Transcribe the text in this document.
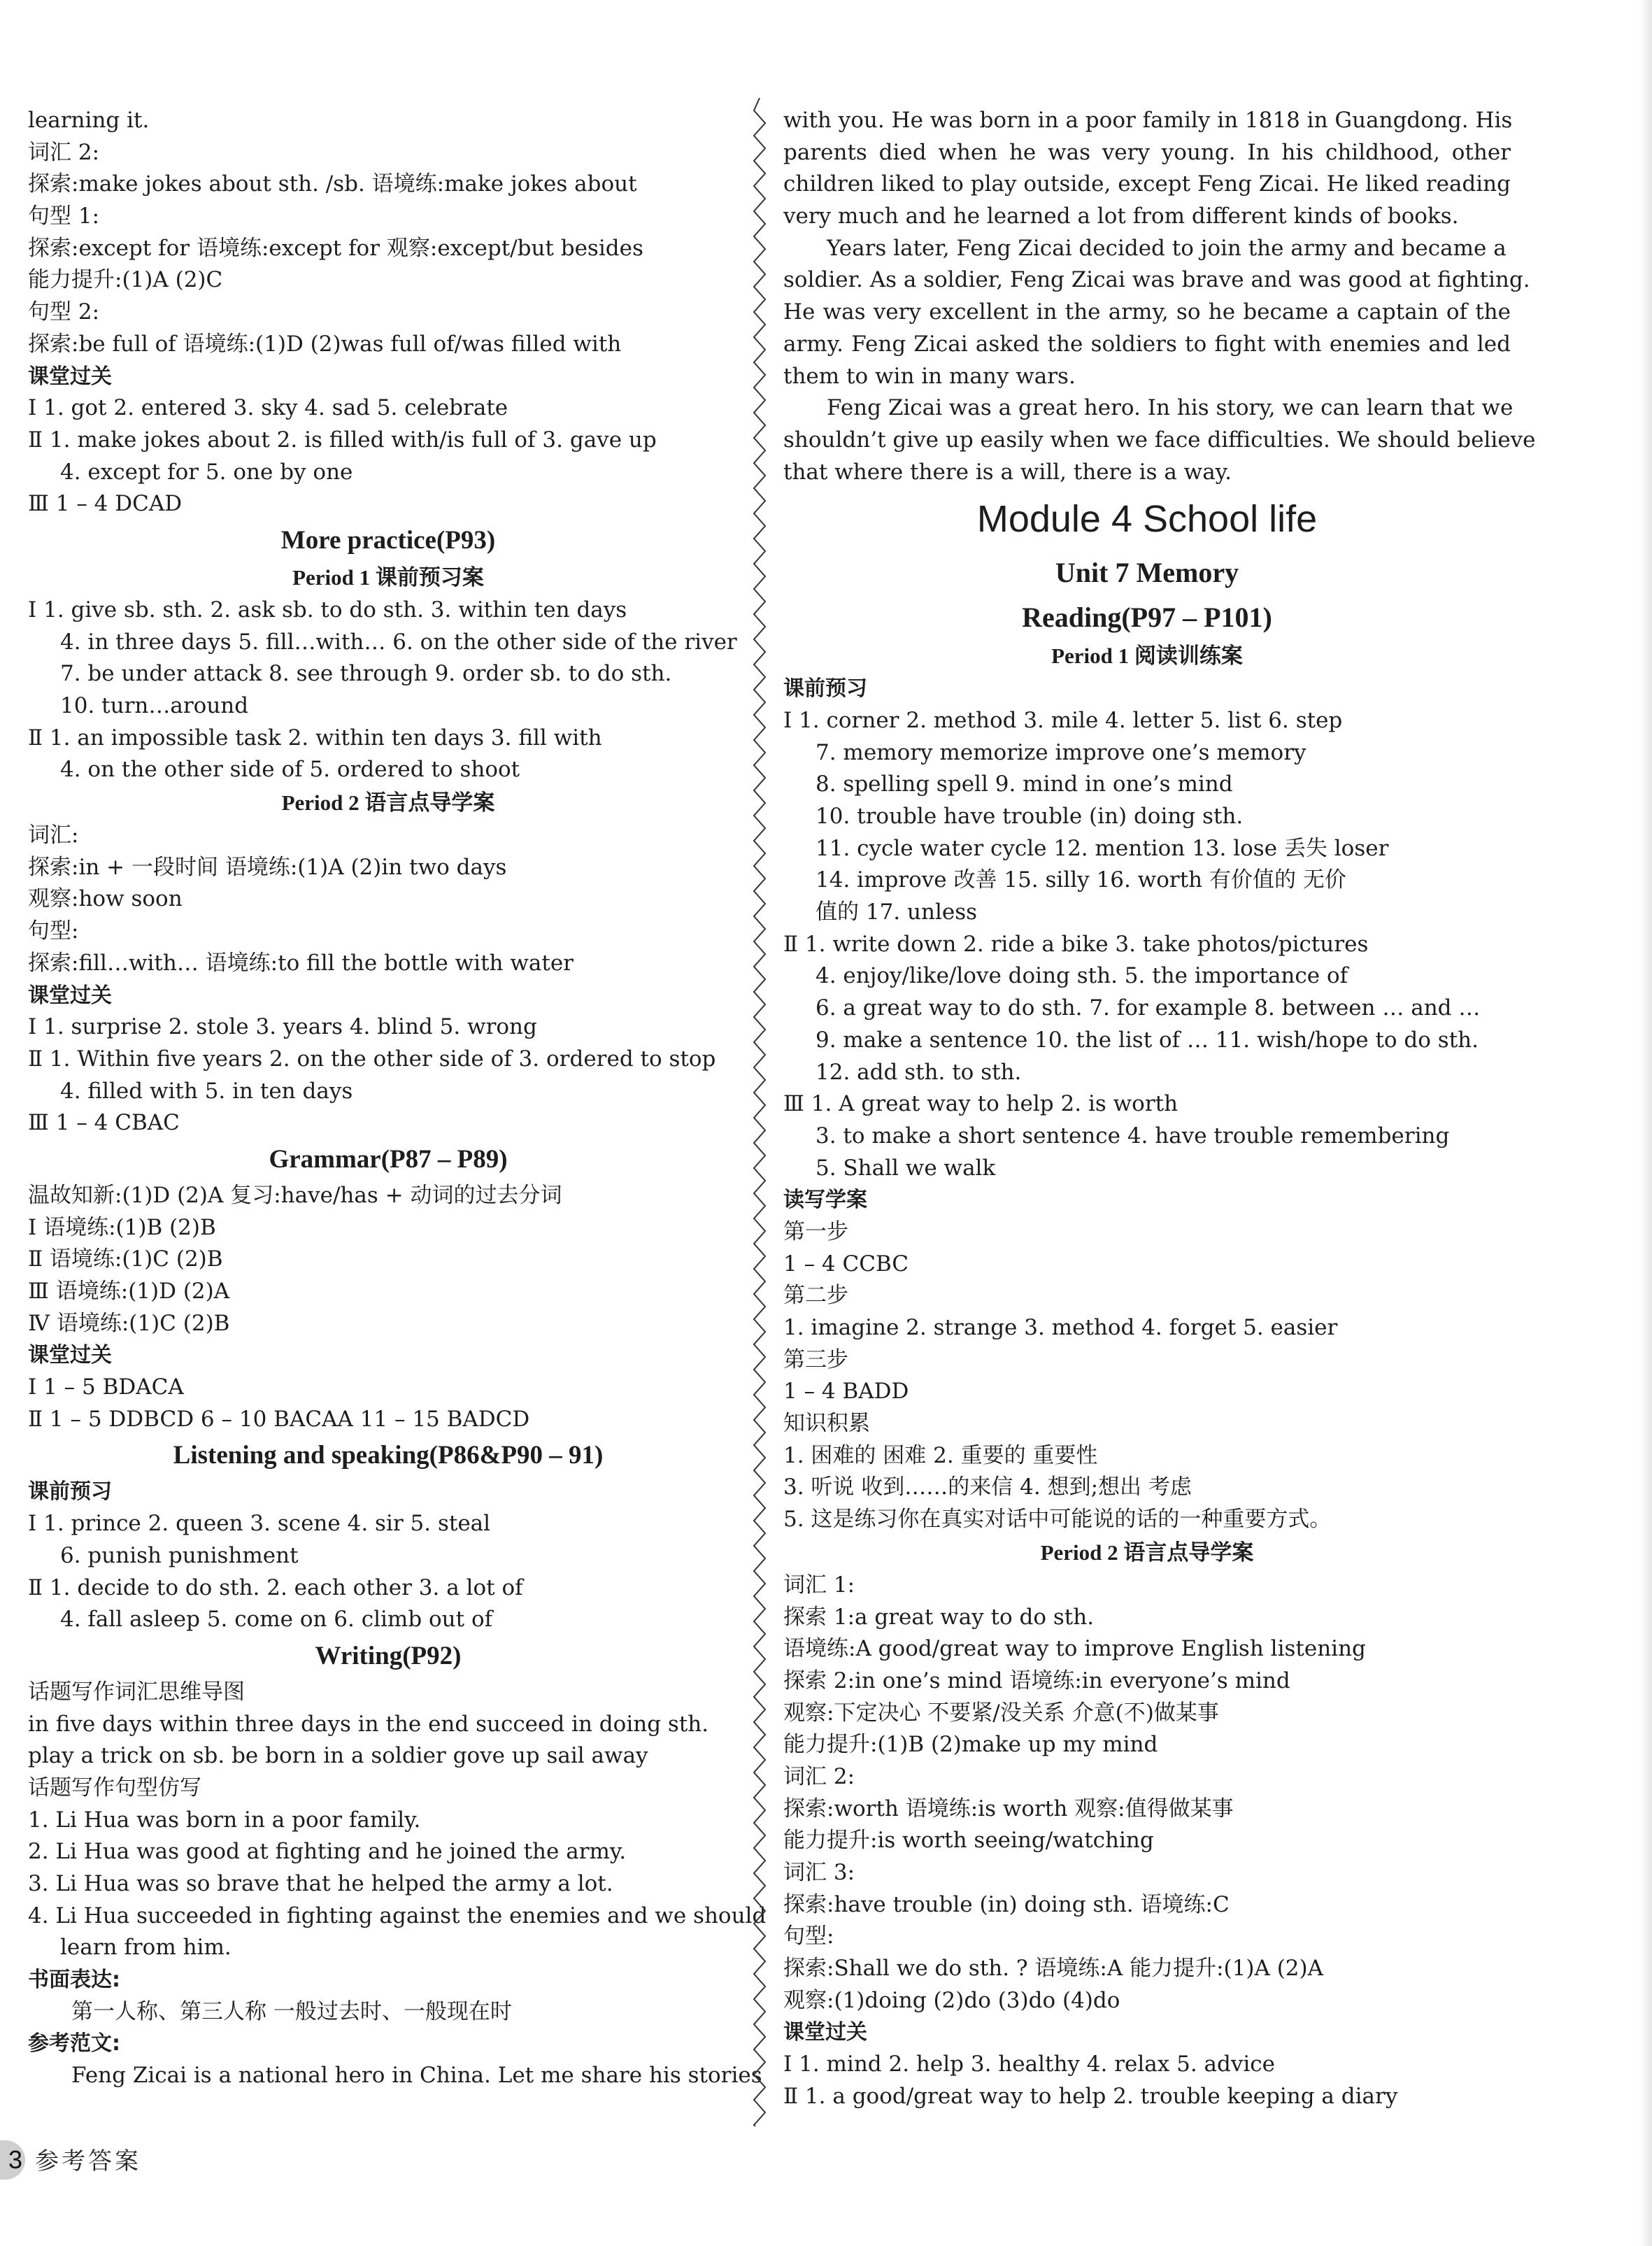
learning it.
词汇 2:
探索:make jokes about sth. /sb. 语境练:make jokes about
句型 1:
探索:except for 语境练:except for 观察:except/but besides
能力提升:(1)A (2)C
句型 2:
探索:be full of 语境练:(1)D (2)was full of/was filled with
课堂过关
Ⅰ 1. got 2. entered 3. sky 4. sad 5. celebrate
Ⅱ 1. make jokes about 2. is filled with/is full of 3. gave up
4. except for 5. one by one
Ⅲ 1 – 4 DCAD
More practice(P93)
Period 1 课前预习案
Ⅰ 1. give sb. sth. 2. ask sb. to do sth. 3. within ten days
4. in three days 5. fill…with… 6. on the other side of the river
7. be under attack 8. see through 9. order sb. to do sth.
10. turn…around
Ⅱ 1. an impossible task 2. within ten days 3. fill with
4. on the other side of 5. ordered to shoot
Period 2 语言点导学案
词汇:
探索:in + 一段时间 语境练:(1)A (2)in two days
观察:how soon
句型:
探索:fill…with… 语境练:to fill the bottle with water
课堂过关
Ⅰ 1. surprise 2. stole 3. years 4. blind 5. wrong
Ⅱ 1. Within five years 2. on the other side of 3. ordered to stop
4. filled with 5. in ten days
Ⅲ 1 – 4 CBAC
Grammar(P87 – P89)
温故知新:(1)D (2)A 复习:have/has + 动词的过去分词
Ⅰ 语境练:(1)B (2)B
Ⅱ 语境练:(1)C (2)B
Ⅲ 语境练:(1)D (2)A
Ⅳ 语境练:(1)C (2)B
课堂过关
Ⅰ 1 – 5 BDACA
Ⅱ 1 – 5 DDBCD 6 – 10 BACAA 11 – 15 BADCD
Listening and speaking(P86&P90 – 91)
课前预习
Ⅰ 1. prince 2. queen 3. scene 4. sir 5. steal
6. punish punishment
Ⅱ 1. decide to do sth. 2. each other 3. a lot of
4. fall asleep 5. come on 6. climb out of
Writing(P92)
话题写作词汇思维导图
in five days within three days in the end succeed in doing sth.
play a trick on sb. be born in a soldier gove up sail away
话题写作句型仿写
1. Li Hua was born in a poor family.
2. Li Hua was good at fighting and he joined the army.
3. Li Hua was so brave that he helped the army a lot.
4. Li Hua succeeded in fighting against the enemies and we should
learn from him.
书面表达:
第一人称、第三人称 一般过去时、一般现在时
参考范文:
Feng Zicai is a national hero in China. Let me share his stories
with you. He was born in a poor family in 1818 in Guangdong. His
parents died when he was very young. In his childhood, other
children liked to play outside, except Feng Zicai. He liked reading
very much and he learned a lot from different kinds of books.
Years later, Feng Zicai decided to join the army and became a
soldier. As a soldier, Feng Zicai was brave and was good at fighting.
He was very excellent in the army, so he became a captain of the
army. Feng Zicai asked the soldiers to fight with enemies and led
them to win in many wars.
Feng Zicai was a great hero. In his story, we can learn that we
shouldn’t give up easily when we face difficulties. We should believe
that where there is a will, there is a way.
Module 4 School life
Unit 7 Memory
Reading(P97 – P101)
Period 1 阅读训练案
课前预习
Ⅰ 1. corner 2. method 3. mile 4. letter 5. list 6. step
7. memory memorize improve one’s memory
8. spelling spell 9. mind in one’s mind
10. trouble have trouble (in) doing sth.
11. cycle water cycle 12. mention 13. lose 丢失 loser
14. improve 改善 15. silly 16. worth 有价值的 无价
值的 17. unless
Ⅱ 1. write down 2. ride a bike 3. take photos/pictures
4. enjoy/like/love doing sth. 5. the importance of
6. a great way to do sth. 7. for example 8. between … and …
9. make a sentence 10. the list of … 11. wish/hope to do sth.
12. add sth. to sth.
Ⅲ 1. A great way to help 2. is worth
3. to make a short sentence 4. have trouble remembering
5. Shall we walk
读写学案
第一步
1 – 4 CCBC
第二步
1. imagine 2. strange 3. method 4. forget 5. easier
第三步
1 – 4 BADD
知识积累
1. 困难的 困难 2. 重要的 重要性
3. 听说 收到……的来信 4. 想到;想出 考虑
5. 这是练习你在真实对话中可能说的话的一种重要方式。
Period 2 语言点导学案
词汇 1:
探索 1:a great way to do sth.
语境练:A good/great way to improve English listening
探索 2:in one’s mind 语境练:in everyone’s mind
观察:下定决心 不要紧/没关系 介意(不)做某事
能力提升:(1)B (2)make up my mind
词汇 2:
探索:worth 语境练:is worth 观察:值得做某事
能力提升:is worth seeing/watching
词汇 3:
探索:have trouble (in) doing sth. 语境练:C
句型:
探索:Shall we do sth. ? 语境练:A 能力提升:(1)A (2)A
观察:(1)doing (2)do (3)do (4)do
课堂过关
Ⅰ 1. mind 2. help 3. healthy 4. relax 5. advice
Ⅱ 1. a good/great way to help 2. trouble keeping a diary
3 参考答案
